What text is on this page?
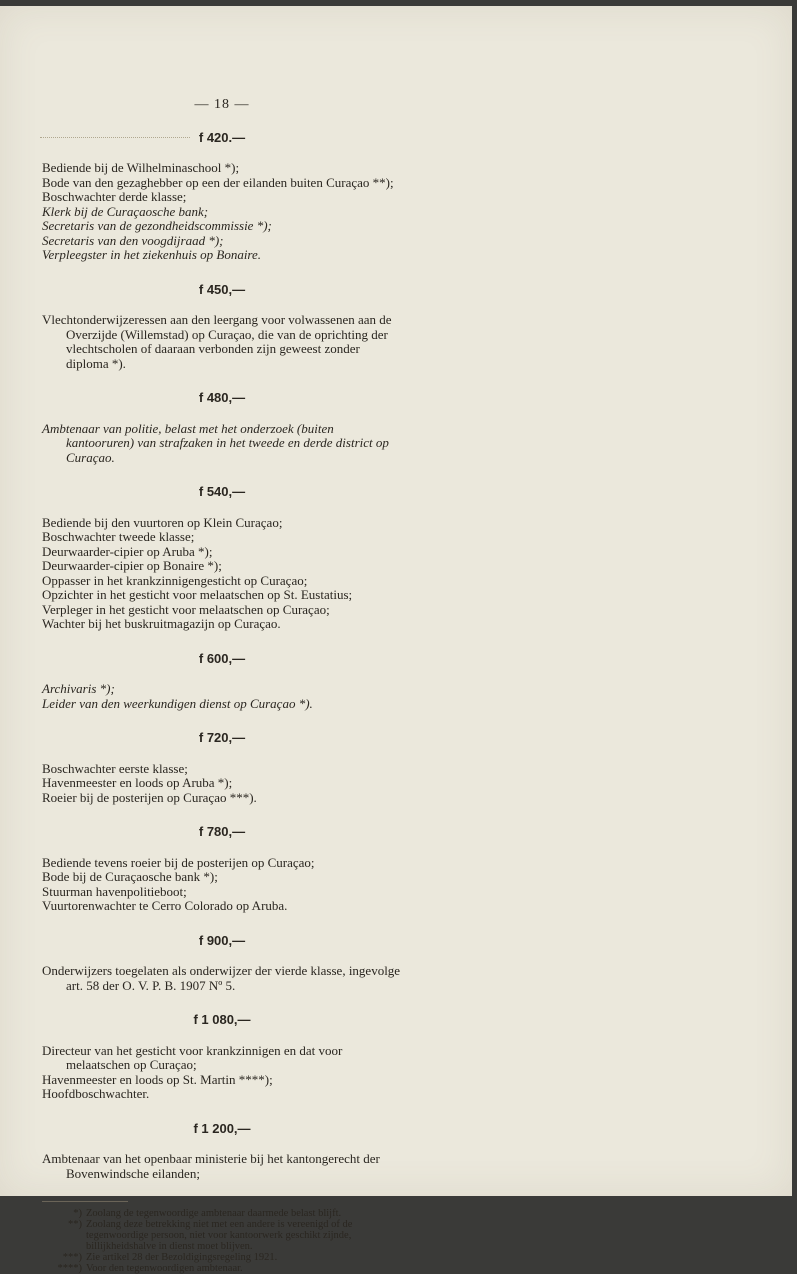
— 18 —
f 420.—
Bediende bij de Wilhelminaschool *);
Bode van den gezaghebber op een der eilanden buiten Curaçao **);
Boschwachter derde klasse;
Klerk bij de Curaçaosche bank;
Secretaris van de gezondheidscommissie *);
Secretaris van den voogdijraad *);
Verpleegster in het ziekenhuis op Bonaire.
f 450,—
Vlechtonderwijzeressen aan den leergang voor volwassenen aan de Overzijde (Willemstad) op Curaçao, die van de oprichting der vlechtscholen of daaraan verbonden zijn geweest zonder diploma *).
f 480,—
Ambtenaar van politie, belast met het onderzoek (buiten kantooruren) van strafzaken in het tweede en derde district op Curaçao.
f 540,—
Bediende bij den vuurtoren op Klein Curaçao;
Boschwachter tweede klasse;
Deurwaarder-cipier op Aruba *);
Deurwaarder-cipier op Bonaire *);
Oppasser in het krankzinnigengesticht op Curaçao;
Opzichter in het gesticht voor melaatschen op St. Eustatius;
Verpleger in het gesticht voor melaatschen op Curaçao;
Wachter bij het buskruitmagazijn op Curaçao.
f 600,—
Archivaris *);
Leider van den weerkundigen dienst op Curaçao *).
f 720,—
Boschwachter eerste klasse;
Havenmeester en loods op Aruba *);
Roeier bij de posterijen op Curaçao ***).
f 780,—
Bediende tevens roeier bij de posterijen op Curaçao;
Bode bij de Curaçaosche bank *);
Stuurman havenpolitieboot;
Vuurtorenwachter te Cerro Colorado op Aruba.
f 900,—
Onderwijzers toegelaten als onderwijzer der vierde klasse, ingevolge art. 58 der O. V. P. B. 1907 Nº 5.
f 1 080,—
Directeur van het gesticht voor krankzinnigen en dat voor melaatschen op Curaçao;
Havenmeester en loods op St. Martin ****);
Hoofdboschwachter.
f 1 200,—
Ambtenaar van het openbaar ministerie bij het kantongerecht der Bovenwindsche eilanden;
*) Zoolang de tegenwoordige ambtenaar daarmede belast blijft.
**) Zoolang deze betrekking niet met een andere is vereenigd of de tegenwoordige persoon, niet voor kantoorwerk geschikt zijnde, billijkheidshalve in dienst moet blijven.
***) Zie artikel 28 der Bezoldigingsregeling 1921.
****) Voor den tegenwoordigen ambtenaar.
